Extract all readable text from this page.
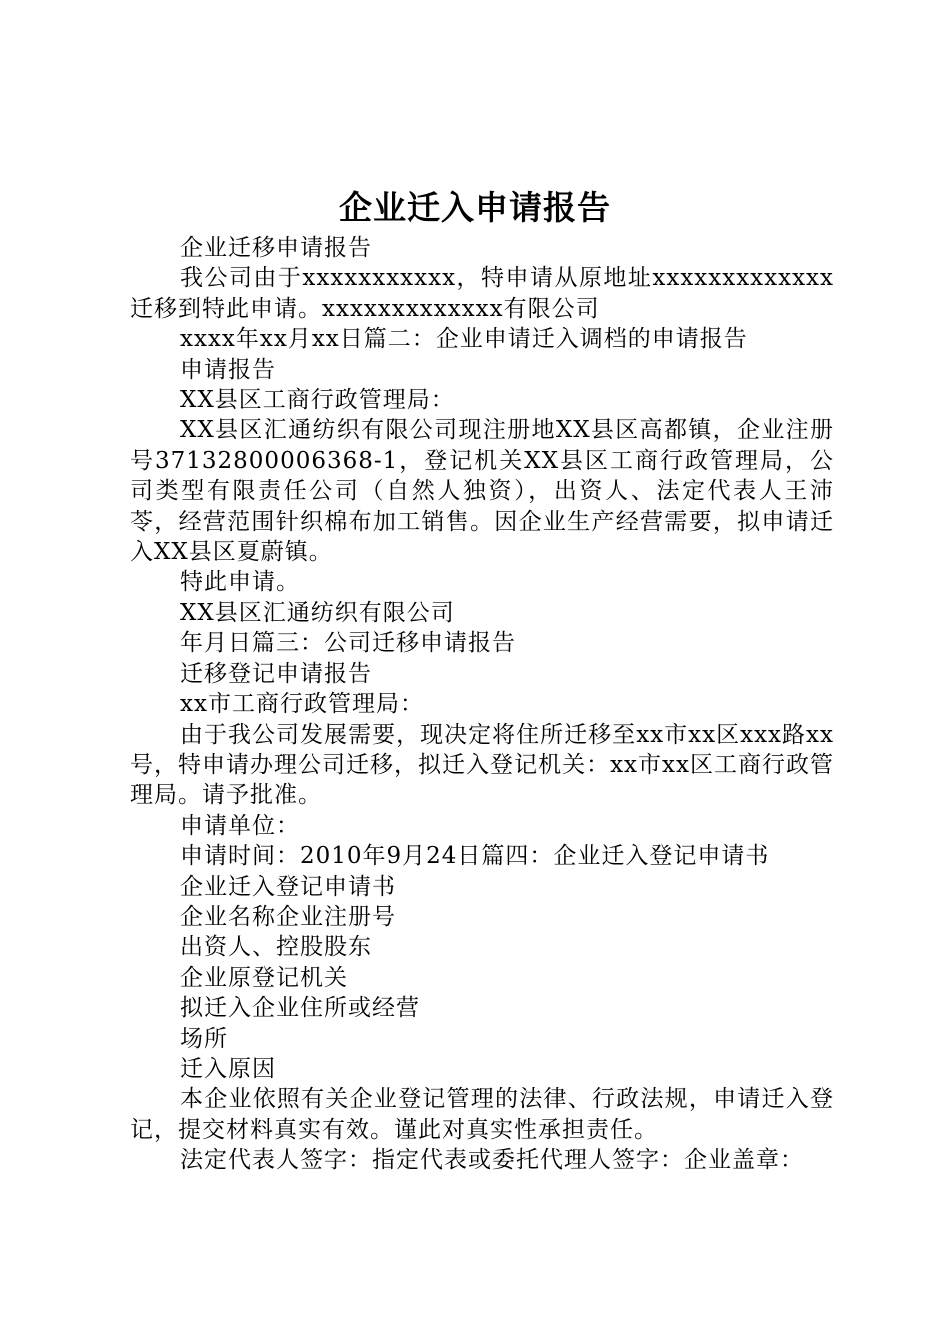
企业迁入申请报告

企业迁移申请报告

我公司由于xxxxxxxxxxx，特申请从原地址xxxxxxxxxxxxx迁移到特此申请。xxxxxxxxxxxxx有限公司

xxxx年xx月xx日篇二：企业申请迁入调档的申请报告

申请报告

XX县区工商行政管理局：

XX县区汇通纺织有限公司现注册地XX县区高都镇，企业注册号37132800006368-1，登记机关XX县区工商行政管理局，公司类型有限责任公司（自然人独资），出资人、法定代表人王沛苓，经营范围针织棉布加工销售。因企业生产经营需要，拟申请迁入XX县区夏蔚镇。

特此申请。

XX县区汇通纺织有限公司

年月日篇三：公司迁移申请报告

迁移登记申请报告

xx市工商行政管理局：

由于我公司发展需要，现决定将住所迁移至xx市xx区xxx路xx号，特申请办理公司迁移，拟迁入登记机关：xx市xx区工商行政管理局。请予批准。

申请单位：

申请时间：2010年9月24日篇四：企业迁入登记申请书

企业迁入登记申请书

企业名称企业注册号

出资人、控股股东

企业原登记机关

拟迁入企业住所或经营

场所

迁入原因

本企业依照有关企业登记管理的法律、行政法规，申请迁入登记，提交材料真实有效。谨此对真实性承担责任。

法定代表人签字：指定代表或委托代理人签字：企业盖章：
